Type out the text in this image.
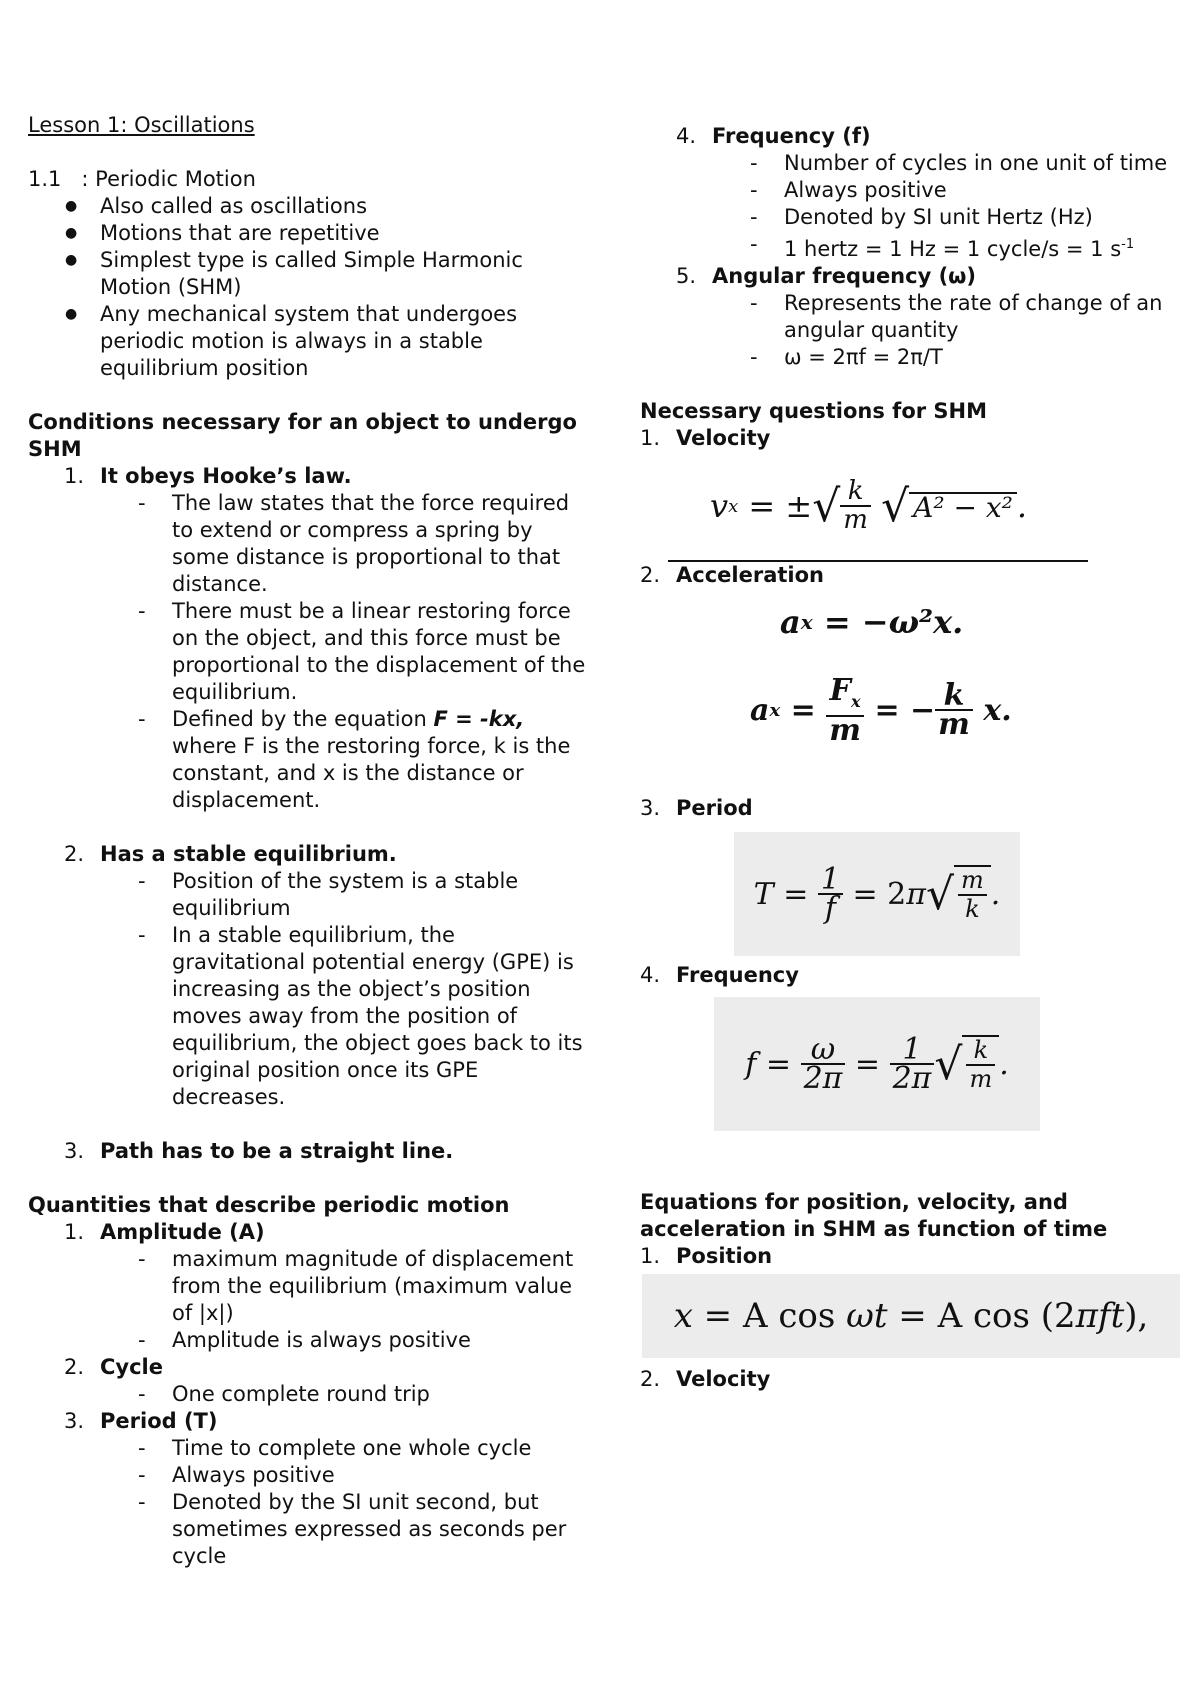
Lesson 1: Oscillations

1.1 : Periodic Motion

● Also called as oscillations
● Motions that are repetitive
● Simplest type is called Simple Harmonic Motion (SHM)
● Any mechanical system that undergoes periodic motion is always in a stable equilibrium position

Conditions necessary for an object to undergo SHM

1. It obeys Hooke’s law.
- The law states that the force required to extend or compress a spring by some distance is proportional to that distance.
- There must be a linear restoring force on the object, and this force must be proportional to the displacement of the equilibrium.
- Defined by the equation F = -kx, where F is the restoring force, k is the constant, and x is the distance or displacement.
2. Has a stable equilibrium.
- Position of the system is a stable equilibrium
- In a stable equilibrium, the gravitational potential energy (GPE) is increasing as the object’s position moves away from the position of equilibrium, the object goes back to its original position once its GPE decreases.
3. Path has to be a straight line.

Quantities that describe periodic motion

1. Amplitude (A)
- maximum magnitude of displacement from the equilibrium (maximum value of |x|)
- Amplitude is always positive
2. Cycle
- One complete round trip
3. Period (T)
- Time to complete one whole cycle
- Always positive
- Denoted by the SI unit second, but sometimes expressed as seconds per cycle
4. Frequency (f)
- Number of cycles in one unit of time
- Always positive
- Denoted by SI unit Hertz (Hz)
- 1 hertz = 1 Hz = 1 cycle/s = 1 $s^{-1}$
5. Angular frequency (ω)
- Represents the rate of change of an angular quantity
- ω = 2πf = 2π/T

Necessary questions for SHM

1. Velocity
v x
= ± √ $\frac{k}{m}$
√ A² − x² .
2. Acceleration
a x
= − ω²x.
a x
=
$\frac{F_x}{m}$
= − $\frac{k}{m} x$.
3. Period
$T = \frac{1}{f} = 2$ π √ $\frac{m}{k}$ .
4. Frequency
$f = \frac{\omega}{2\pi} = \frac{1}{2\pi}$ √ $\frac{k}{m}$ .

Equations for position, velocity, and acceleration in SHM as function of time

1. Position
x = A cos ωt = A cos (2 πft ),
2. Velocity
